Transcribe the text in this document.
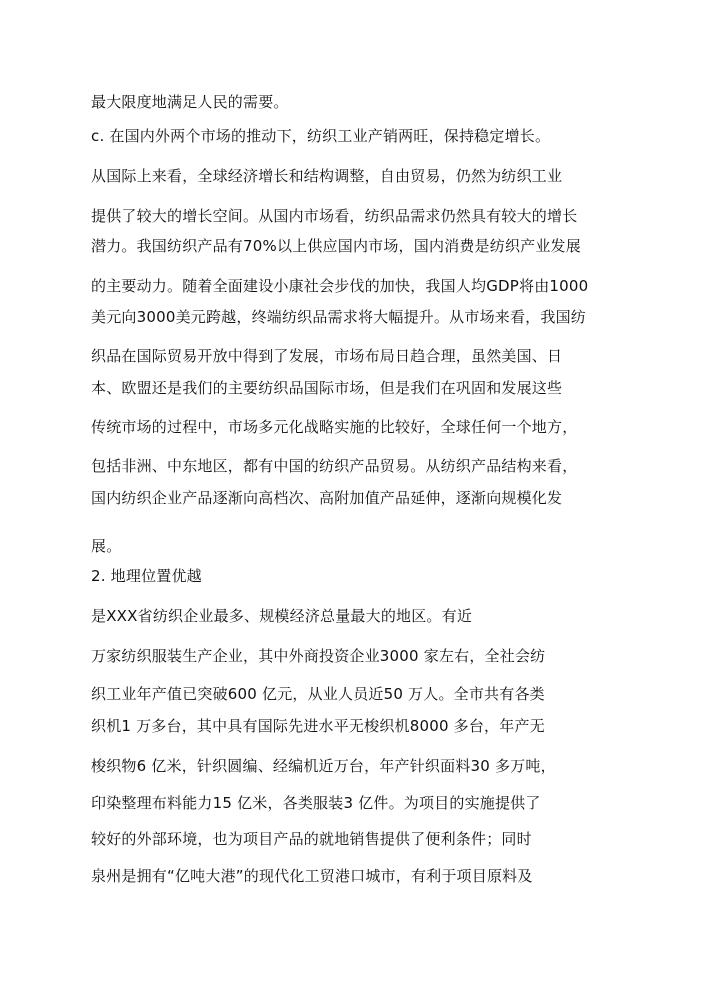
最大限度地满足人民的需要。

c. 在国内外两个市场的推动下，纺织工业产销两旺，保持稳定增长。

从国际上来看，全球经济增长和结构调整，自由贸易，仍然为纺织工业

提供了较大的增长空间。从国内市场看，纺织品需求仍然具有较大的增长

潜力。我国纺织产品有70%以上供应国内市场，国内消费是纺织产业发展

的主要动力。随着全面建设小康社会步伐的加快，我国人均GDP将由1000

美元向3000美元跨越，终端纺织品需求将大幅提升。从市场来看，我国纺

织品在国际贸易开放中得到了发展，市场布局日趋合理，虽然美国、日

本、欧盟还是我们的主要纺织品国际市场，但是我们在巩固和发展这些

传统市场的过程中，市场多元化战略实施的比较好，全球任何一个地方，

包括非洲、中东地区，都有中国的纺织产品贸易。从纺织产品结构来看，

国内纺织企业产品逐渐向高档次、高附加值产品延伸，逐渐向规模化发

展。

2. 地理位置优越

是XXX省纺织企业最多、规模经济总量最大的地区。有近

万家纺织服装生产企业，其中外商投资企业3000 家左右，全社会纺

织工业年产值已突破600 亿元，从业人员近50 万人。全市共有各类

织机1 万多台，其中具有国际先进水平无梭织机8000 多台，年产无

梭织物6 亿米，针织圆编、经编机近万台，年产针织面料30 多万吨，

印染整理布料能力15 亿米，各类服装3 亿件。为项目的实施提供了

较好的外部环境，也为项目产品的就地销售提供了便利条件；同时

泉州是拥有“亿吨大港”的现代化工贸港口城市，有利于项目原料及
